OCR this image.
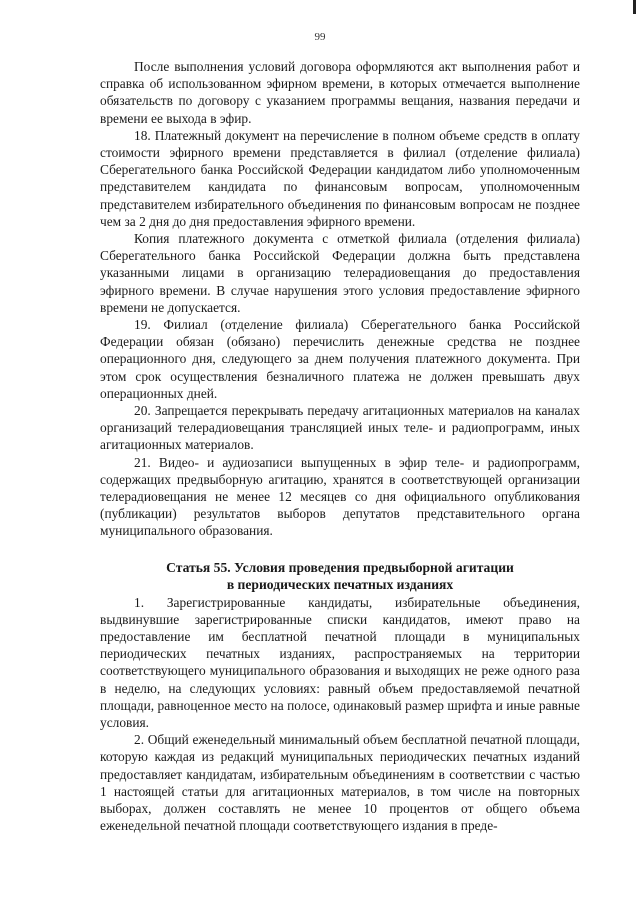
99

После выполнения условий договора оформляются акт выполнения работ и справка об использованном эфирном времени, в которых отмечается выполнение обязательств по договору с указанием программы вещания, названия передачи и времени ее выхода в эфир.

18. Платежный документ на перечисление в полном объеме средств в оплату стоимости эфирного времени представляется в филиал (отделение филиала) Сберегательного банка Российской Федерации кандидатом либо уполномоченным представителем кандидата по финансовым вопросам, уполномоченным представителем избирательного объединения по финансовым вопросам не позднее чем за 2 дня до дня предоставления эфирного времени.

Копия платежного документа с отметкой филиала (отделения филиала) Сберегательного банка Российской Федерации должна быть представлена указанными лицами в организацию телерадиовещания до предоставления эфирного времени. В случае нарушения этого условия предоставление эфирного времени не допускается.

19. Филиал (отделение филиала) Сберегательного банка Российской Федерации обязан (обязано) перечислить денежные средства не позднее операционного дня, следующего за днем получения платежного документа. При этом срок осуществления безналичного платежа не должен превышать двух операционных дней.

20. Запрещается перекрывать передачу агитационных материалов на каналах организаций телерадиовещания трансляцией иных теле- и радиопрограмм, иных агитационных материалов.

21. Видео- и аудиозаписи выпущенных в эфир теле- и радиопрограмм, содержащих предвыборную агитацию, хранятся в соответствующей организации телерадиовещания не менее 12 месяцев со дня официального опубликования (публикации) результатов выборов депутатов представительного органа муниципального образования.

Статья 55. Условия проведения предвыборной агитации
в периодических печатных изданиях

1. Зарегистрированные кандидаты, избирательные объединения, выдвинувшие зарегистрированные списки кандидатов, имеют право на предоставление им бесплатной печатной площади в муниципальных периодических печатных изданиях, распространяемых на территории соответствующего муниципального образования и выходящих не реже одного раза в неделю, на следующих условиях: равный объем предоставляемой печатной площади, равноценное место на полосе, одинаковый размер шрифта и иные равные условия.

2. Общий еженедельный минимальный объем бесплатной печатной площади, которую каждая из редакций муниципальных периодических печатных изданий предоставляет кандидатам, избирательным объединениям в соответствии с частью 1 настоящей статьи для агитационных материалов, в том числе на повторных выборах, должен составлять не менее 10 процентов от общего объема еженедельной печатной площади соответствующего издания в преде-
